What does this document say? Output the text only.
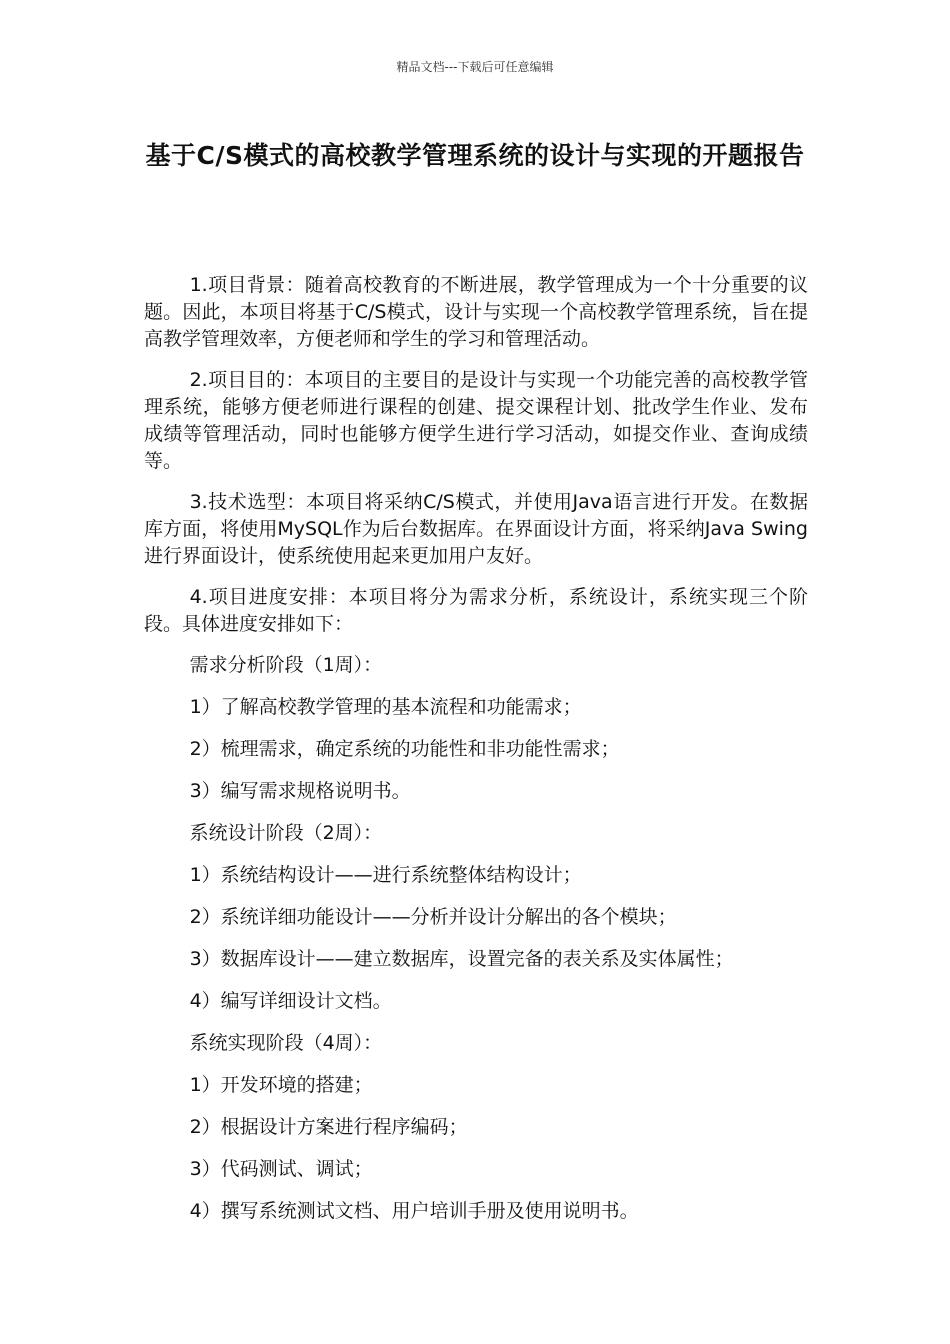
精品文档---下载后可任意编辑
基于C/S模式的高校教学管理系统的设计与实现的开题报告

1.项目背景：随着高校教育的不断进展，教学管理成为一个十分重要的议题。因此，本项目将基于C/S模式，设计与实现一个高校教学管理系统，旨在提高教学管理效率，方便老师和学生的学习和管理活动。

2.项目目的：本项目的主要目的是设计与实现一个功能完善的高校教学管理系统，能够方便老师进行课程的创建、提交课程计划、批改学生作业、发布成绩等管理活动，同时也能够方便学生进行学习活动，如提交作业、查询成绩等。

3.技术选型：本项目将采纳C/S模式，并使用Java语言进行开发。在数据库方面，将使用MySQL作为后台数据库。在界面设计方面，将采纳Java Swing进行界面设计，使系统使用起来更加用户友好。

4.项目进度安排：本项目将分为需求分析，系统设计，系统实现三个阶段。具体进度安排如下：

需求分析阶段（1周）：
1）了解高校教学管理的基本流程和功能需求；
2）梳理需求，确定系统的功能性和非功能性需求；
3）编写需求规格说明书。
系统设计阶段（2周）：
1）系统结构设计——进行系统整体结构设计；
2）系统详细功能设计——分析并设计分解出的各个模块；
3）数据库设计——建立数据库，设置完备的表关系及实体属性；
4）编写详细设计文档。
系统实现阶段（4周）：
1）开发环境的搭建；
2）根据设计方案进行程序编码；
3）代码测试、调试；
4）撰写系统测试文档、用户培训手册及使用说明书。
